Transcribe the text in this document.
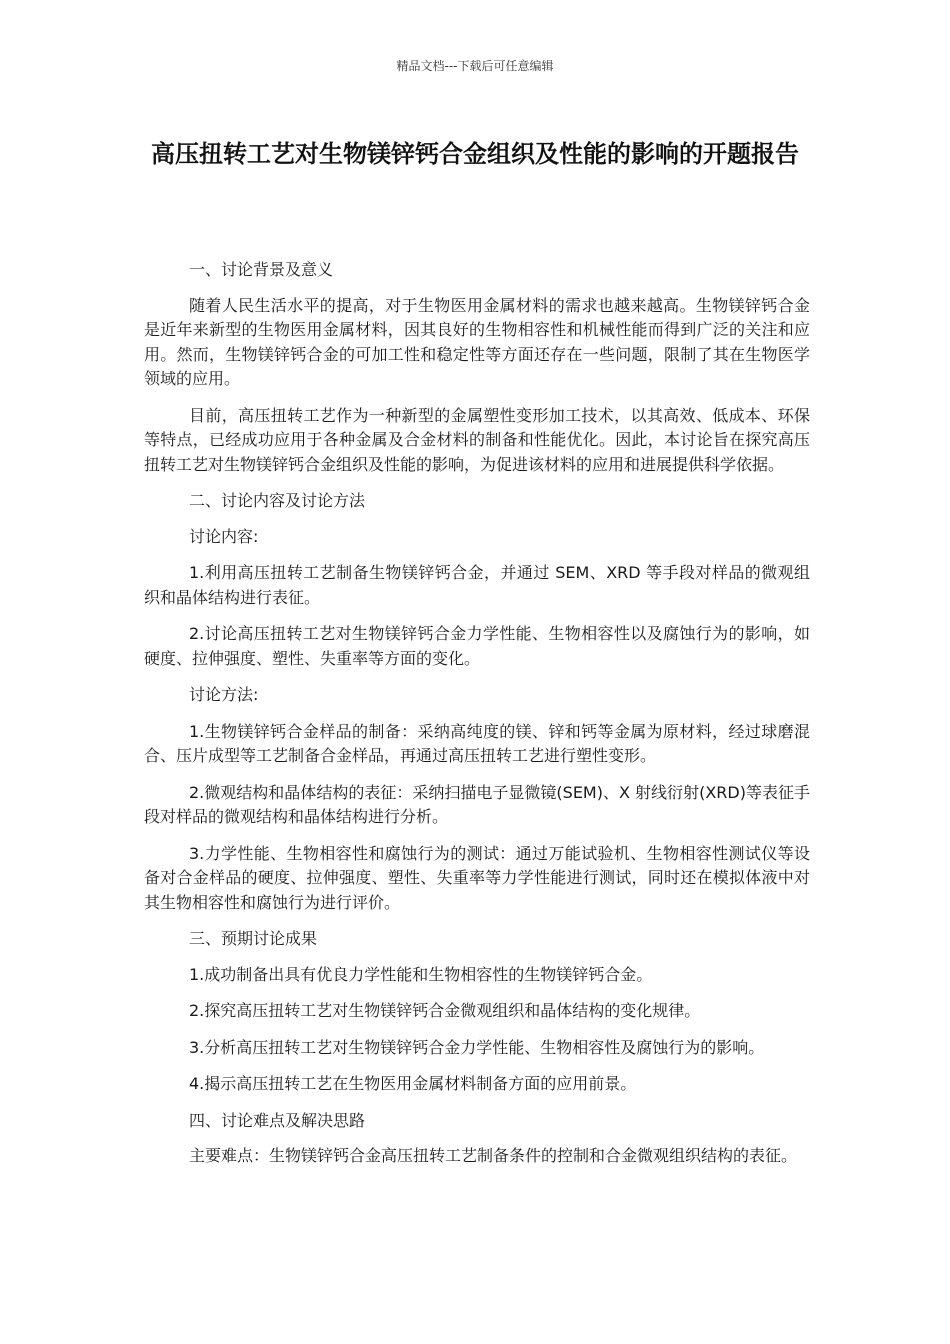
精品文档---下载后可任意编辑
高压扭转工艺对生物镁锌钙合金组织及性能的影响的开题报告

一、讨论背景及意义

随着人民生活水平的提高，对于生物医用金属材料的需求也越来越高。生物镁锌钙合金是近年来新型的生物医用金属材料，因其良好的生物相容性和机械性能而得到广泛的关注和应用。然而，生物镁锌钙合金的可加工性和稳定性等方面还存在一些问题，限制了其在生物医学领域的应用。

目前，高压扭转工艺作为一种新型的金属塑性变形加工技术，以其高效、低成本、环保等特点，已经成功应用于各种金属及合金材料的制备和性能优化。因此，本讨论旨在探究高压扭转工艺对生物镁锌钙合金组织及性能的影响，为促进该材料的应用和进展提供科学依据。

二、讨论内容及讨论方法

讨论内容:

1.利用高压扭转工艺制备生物镁锌钙合金，并通过 SEM、XRD 等手段对样品的微观组织和晶体结构进行表征。

2.讨论高压扭转工艺对生物镁锌钙合金力学性能、生物相容性以及腐蚀行为的影响，如硬度、拉伸强度、塑性、失重率等方面的变化。

讨论方法:

1.生物镁锌钙合金样品的制备：采纳高纯度的镁、锌和钙等金属为原材料，经过球磨混合、压片成型等工艺制备合金样品，再通过高压扭转工艺进行塑性变形。

2.微观结构和晶体结构的表征：采纳扫描电子显微镜(SEM)、X 射线衍射(XRD)等表征手段对样品的微观结构和晶体结构进行分析。

3.力学性能、生物相容性和腐蚀行为的测试：通过万能试验机、生物相容性测试仪等设备对合金样品的硬度、拉伸强度、塑性、失重率等力学性能进行测试，同时还在模拟体液中对其生物相容性和腐蚀行为进行评价。

三、预期讨论成果

1.成功制备出具有优良力学性能和生物相容性的生物镁锌钙合金。

2.探究高压扭转工艺对生物镁锌钙合金微观组织和晶体结构的变化规律。

3.分析高压扭转工艺对生物镁锌钙合金力学性能、生物相容性及腐蚀行为的影响。

4.揭示高压扭转工艺在生物医用金属材料制备方面的应用前景。

四、讨论难点及解决思路

主要难点：生物镁锌钙合金高压扭转工艺制备条件的控制和合金微观组织结构的表征。
